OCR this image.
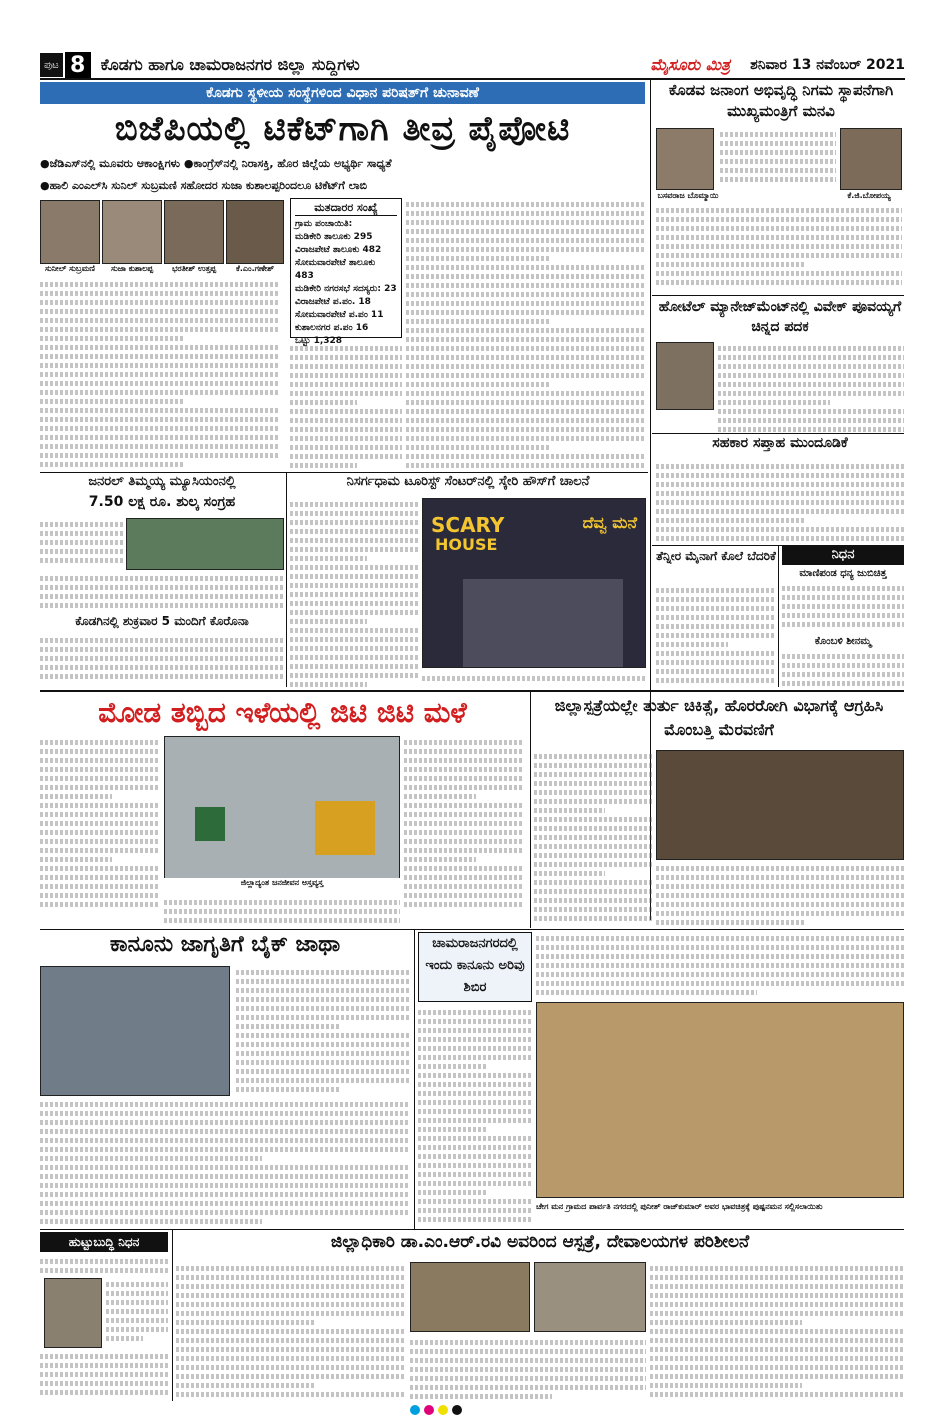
ಪುಟ 8 ಕೊಡಗು ಹಾಗೂ ಚಾಮರಾಜನಗರ ಜಿಲ್ಲಾ ಸುದ್ದಿಗಳು	ಮೈಸೂರು ಮಿತ್ರ ಶನಿವಾರ 13 ನವೆಂಬರ್ 2021
ಕೊಡಗು ಸ್ಥಳೀಯ ಸಂಸ್ಥೆಗಳಿಂದ ವಿಧಾನ ಪರಿಷತ್‌ಗೆ ಚುನಾವಣೆ
ಬಿಜೆಪಿಯಲ್ಲಿ ಟಿಕೆಟ್‌ಗಾಗಿ ತೀವ್ರ ಪೈಪೋಟಿ
●ಜೆಡಿಎಸ್‌ನಲ್ಲಿ ಮೂವರು ಆಕಾಂಕ್ಷಿಗಳು ●ಕಾಂಗ್ರೆಸ್‌ನಲ್ಲಿ ನಿರಾಸಕ್ತಿ, ಹೊರ ಜಿಲ್ಲೆಯ ಅಭ್ಯರ್ಥಿ ಸಾಧ್ಯತೆ
●ಹಾಲಿ ಎಂಎಲ್‌ಸಿ ಸುನಿಲ್ ಸುಬ್ರಮಣಿ ಸಹೋದರ ಸುಜಾ ಕುಶಾಲಪ್ಪರಿಂದಲೂ ಟಿಕೆಟ್‌ಗೆ ಲಾಬಿ
ಸುನೀಲ್ ಸುಬ್ರಮಣಿ	ಸುಜಾ ಕುಶಾಲಪ್ಪ	ಭರತೀಶ್ ಉತ್ತಪ್ಪ	ಕೆ.ಎಂ.ಗಣೇಶ್
ಮತದಾರರ ಸಂಖ್ಯೆ
ಗ್ರಾಮ ಪಂಚಾಯಿತಿ:
ಮಡಿಕೇರಿ ತಾಲೂಕು 295
ವಿರಾಜಪೇಟೆ ತಾಲೂಕು 482
ಸೋಮವಾರಪೇಟೆ ತಾಲೂಕು 483
ಮಡಿಕೇರಿ ನಗರಸಭೆ ಸದಸ್ಯರು: 23
ವಿರಾಜಪೇಟೆ ಪ.ಪಂ. 18
ಸೋಮವಾರಪೇಟೆ ಪ.ಪಂ 11
ಕುಶಾಲನಗರ ಪ.ಪಂ 16
ಒಟ್ಟು 1,328
ಕೊಡವ ಜನಾಂಗ ಅಭಿವೃದ್ಧಿ ನಿಗಮ ಸ್ಥಾಪನೆಗಾಗಿ ಮುಖ್ಯಮಂತ್ರಿಗೆ ಮನವಿ
ಬಸವರಾಜ ಬೊಮ್ಮಾಯಿ	ಕೆ.ಜಿ.ಬೋಪಯ್ಯ
ಹೋಟೆಲ್ ಮ್ಯಾನೇಜ್‌ಮೆಂಟ್‌ನಲ್ಲಿ ವಿವೇಕ್ ಪೂವಯ್ಯಗೆ ಚಿನ್ನದ ಪದಕ
ಸಹಕಾರ ಸಪ್ತಾಹ ಮುಂದೂಡಿಕೆ
ಜನರಲ್ ತಿಮ್ಮಯ್ಯ ಮ್ಯೂಸಿಯಂನಲ್ಲಿ
7.50 ಲಕ್ಷ ರೂ. ಶುಲ್ಕ ಸಂಗ್ರಹ
ಕೊಡಗಿನಲ್ಲಿ ಶುಕ್ರವಾರ 5 ಮಂದಿಗೆ ಕೊರೊನಾ
ನಿಸರ್ಗಧಾಮ ಟೂರಿಸ್ಟ್ ಸೆಂಟರ್‌ನಲ್ಲಿ ಸ್ಕೇರಿ ಹೌಸ್‌ಗೆ ಚಾಲನೆ
SCARY
HOUSE
ದೆವ್ವ ಮನೆ
ತೆನ್ನೀರ ಮೈನಾಗೆ ಕೊಲೆ ಬೆದರಿಕೆ	ನಿಧನ
ಮಾಣಿಪಂಡ ಧನ್ಯ ಜುಬಿಚಿತ್ತ
ಕೊಂಬಳಿ ಶೀನಮ್ಮ
ಮೋಡ ತಬ್ಬಿದ ಇಳೆಯಲ್ಲಿ ಜಿಟಿ ಜಿಟಿ ಮಳೆ
ಜಿಲ್ಲಾದ್ಯಂತ ಜನಜೀವನ ಅಸ್ತವ್ಯಸ್ತ
ಜಿಲ್ಲಾಸ್ಪತ್ರೆಯಲ್ಲೇ ತುರ್ತು ಚಿಕಿತ್ಸೆ, ಹೊರರೋಗಿ ವಿಭಾಗಕ್ಕೆ ಆಗ್ರಹಿಸಿ ಮೊಂಬತ್ತಿ ಮೆರವಣಿಗೆ
ಕಾನೂನು ಜಾಗೃತಿಗೆ ಬೈಕ್ ಜಾಥಾ	ಚಾಮರಾಜನಗರದಲ್ಲಿ ಇಂದು ಕಾನೂನು ಅರಿವು ಶಿಬಿರ
ಚೇಗ ಮನ ಗ್ರಾಮದ ಪಾರ್ವತಿ ನಗರದಲ್ಲಿ ಪುನೀತ್ ರಾಜ್‌ಕುಮಾರ್ ಅವರ ಭಾವಚಿತ್ರಕ್ಕೆ ಪುಷ್ಪನಮನ ಸಲ್ಲಿಸಲಾಯಿತು
ಹುಟ್ಟುಬುದ್ಧಿ ನಿಧನ	ಜಿಲ್ಲಾಧಿಕಾರಿ ಡಾ.ಎಂ.ಆರ್.ರವಿ ಅವರಿಂದ ಆಸ್ಪತ್ರೆ, ದೇವಾಲಯಗಳ ಪರಿಶೀಲನೆ
